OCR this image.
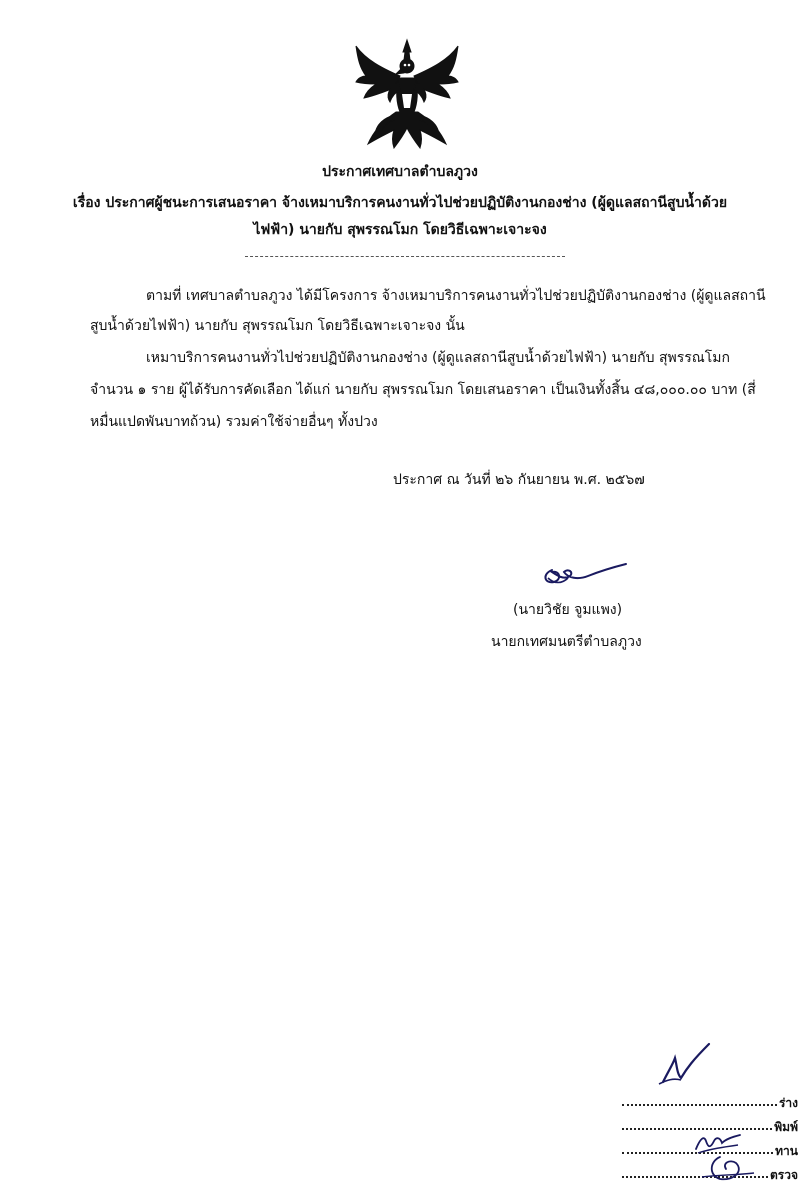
ประกาศเทศบาลตำบลภูวง
เรื่อง ประกาศผู้ชนะการเสนอราคา จ้างเหมาบริการคนงานทั่วไปช่วยปฏิบัติงานกองช่าง (ผู้ดูแลสถานีสูบน้ำด้วย
ไฟฟ้า) นายกับ สุพรรณโมก โดยวิธีเฉพาะเจาะจง
ตามที่ เทศบาลตำบลภูวง ได้มีโครงการ จ้างเหมาบริการคนงานทั่วไปช่วยปฏิบัติงานกองช่าง (ผู้ดูแลสถานี
สูบน้ำด้วยไฟฟ้า) นายกับ สุพรรณโมก โดยวิธีเฉพาะเจาะจง นั้น
เหมาบริการคนงานทั่วไปช่วยปฏิบัติงานกองช่าง (ผู้ดูแลสถานีสูบน้ำด้วยไฟฟ้า) นายกับ สุพรรณโมก
จำนวน ๑ ราย ผู้ได้รับการคัดเลือก ได้แก่ นายกับ สุพรรณโมก โดยเสนอราคา เป็นเงินทั้งสิ้น ๔๘,๐๐๐.๐๐ บาท (สี่
หมื่นแปดพันบาทถ้วน) รวมค่าใช้จ่ายอื่นๆ ทั้งปวง
ประกาศ ณ วันที่ ๒๖ กันยายน พ.ศ. ๒๕๖๗
(นายวิชัย จูมแพง)
นายกเทศมนตรีตำบลภูวง
ร่าง
พิมพ์
ทาน
ตรวจ
